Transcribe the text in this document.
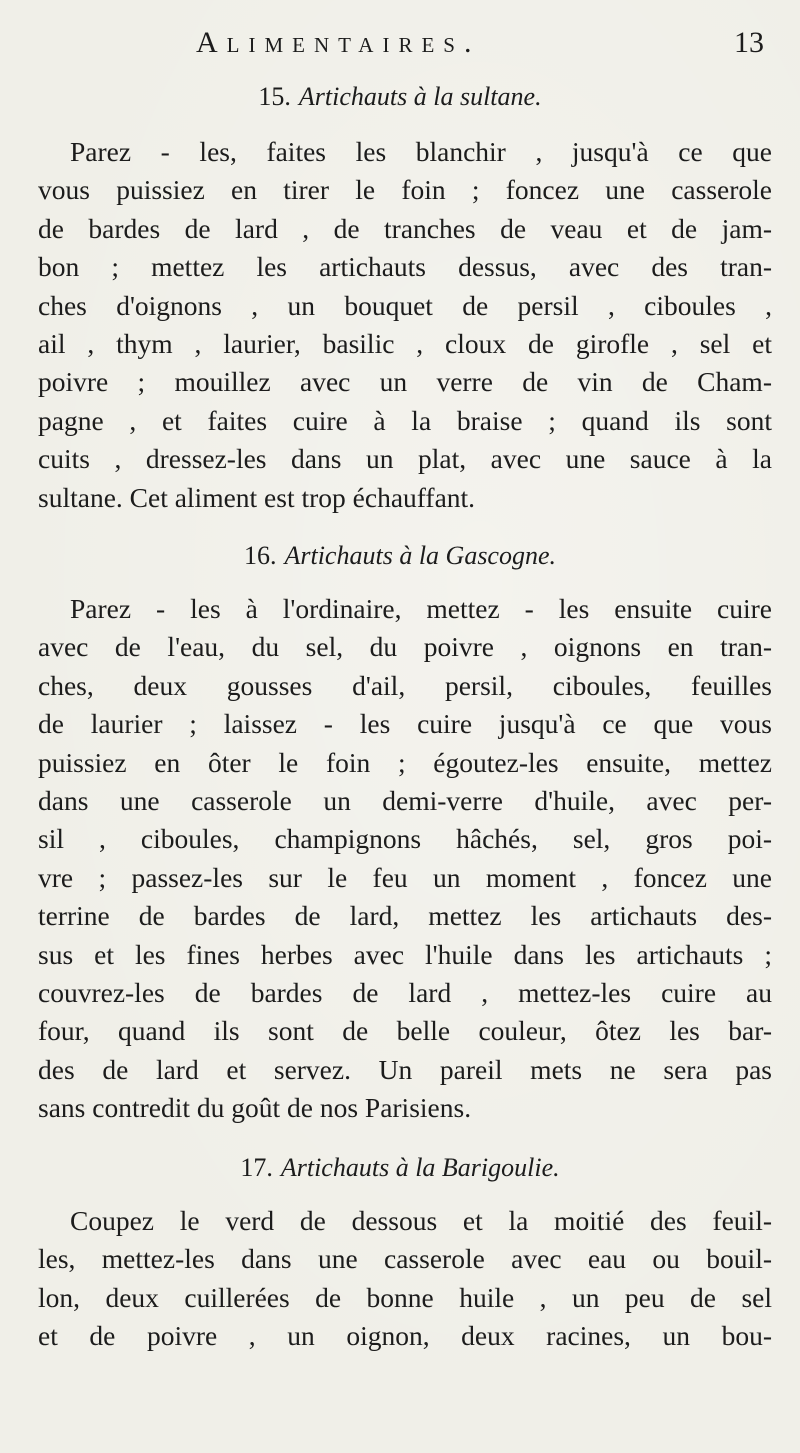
Alimentaires.	13
15. Artichauts à la sultane.
Parez - les, faites les blanchir , jusqu'à ce que
vous puissiez en tirer le foin ; foncez une casserole
de bardes de lard , de tranches de veau et de jam-
bon ; mettez les artichauts dessus, avec des tran-
ches d'oignons , un bouquet de persil , ciboules ,
ail , thym , laurier, basilic , cloux de girofle , sel et
poivre ; mouillez avec un verre de vin de Cham-
pagne , et faites cuire à la braise ; quand ils sont
cuits , dressez-les dans un plat, avec une sauce à la
sultane. Cet aliment est trop échauffant.
16. Artichauts à la Gascogne.
Parez - les à l'ordinaire, mettez - les ensuite cuire
avec de l'eau, du sel, du poivre , oignons en tran-
ches, deux gousses d'ail, persil, ciboules, feuilles
de laurier ; laissez - les cuire jusqu'à ce que vous
puissiez en ôter le foin ; égoutez-les ensuite, mettez
dans une casserole un demi-verre d'huile, avec per-
sil , ciboules, champignons hâchés, sel, gros poi-
vre ; passez-les sur le feu un moment , foncez une
terrine de bardes de lard, mettez les artichauts des-
sus et les fines herbes avec l'huile dans les artichauts ;
couvrez-les de bardes de lard , mettez-les cuire au
four, quand ils sont de belle couleur, ôtez les bar-
des de lard et servez. Un pareil mets ne sera pas
sans contredit du goût de nos Parisiens.
17. Artichauts à la Barigoulie.
Coupez le verd de dessous et la moitié des feuil-
les, mettez-les dans une casserole avec eau ou bouil-
lon, deux cuillerées de bonne huile , un peu de sel
et de poivre , un oignon, deux racines, un bou-
